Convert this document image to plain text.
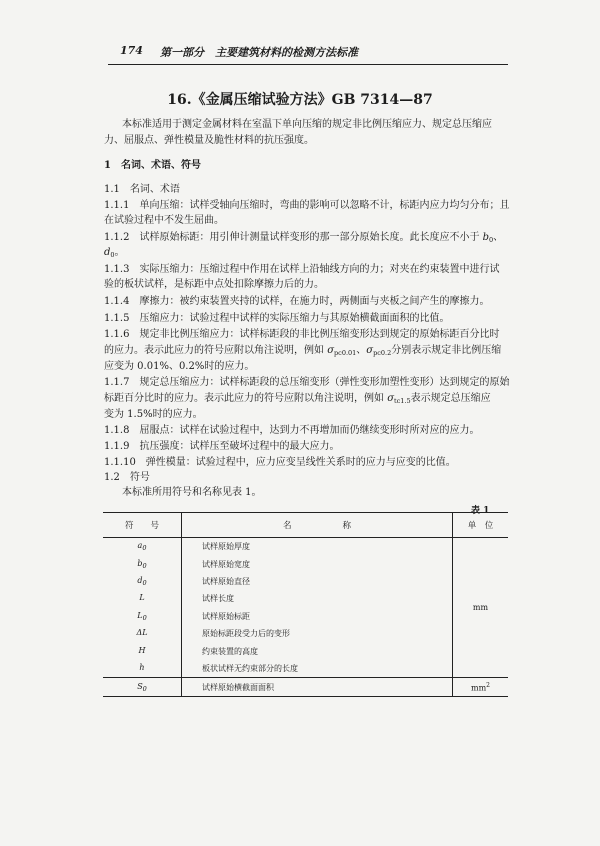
174 第一部分　主要建筑材料的检测方法标准
16.《金属压缩试验方法》GB 7314—87
本标准适用于测定金属材料在室温下单向压缩的规定非比例压缩应力、规定总压缩应
力、屈服点、弹性模量及脆性材料的抗压强度。
1　名词、术语、符号
1.1　名词、术语
1.1.1　单向压缩：试样受轴向压缩时，弯曲的影响可以忽略不计，标距内应力均匀分布；且
在试验过程中不发生屈曲。
1.1.2　试样原始标距：用引伸计测量试样变形的那一部分原始长度。此长度应不小于 $b_0$、
$d_0$。
1.1.3　实际压缩力：压缩过程中作用在试样上沿轴线方向的力；对夹在约束装置中进行试
验的板状试样，是标距中点处扣除摩擦力后的力。
1.1.4　摩擦力：被约束装置夹持的试样，在施力时，两侧面与夹板之间产生的摩擦力。
1.1.5　压缩应力：试验过程中试样的实际压缩力与其原始横截面面积的比值。
1.1.6　规定非比例压缩应力：试样标距段的非比例压缩变形达到规定的原始标距百分比时
的应力。表示此应力的符号应附以角注说明，例如 $\sigma_{pc0.01}$、$\sigma_{pc0.2}$分别表示规定非比例压缩
应变为 0.01%、0.2%时的应力。
1.1.7　规定总压缩应力：试样标距段的总压缩变形（弹性变形加塑性变形）达到规定的原始
标距百分比时的应力。表示此应力的符号应附以角注说明，例如 $\sigma_{tc1.5}$表示规定总压缩应
变为 1.5%时的应力。
1.1.8　屈服点：试样在试验过程中，达到力不再增加而仍继续变形时所对应的应力。
1.1.9　抗压强度：试样压至破坏过程中的最大应力。
1.1.10　弹性模量：试验过程中，应力应变呈线性关系时的应力与应变的比值。
1.2　符号
本标准所用符号和名称见表 1。
表 1
符　　号	名　　　　　　称	单　位
$a_0$	试样原始厚度	mm
$b_0$	试样原始宽度	
$d_0$	试样原始直径	
L	试样长度	
$L_0$	试样原始标距	
ΔL	原始标距段受力后的变形	
H	约束装置的高度	
h	板状试样无约束部分的长度	
$S_0$	试样原始横截面面积	$mm^2$
